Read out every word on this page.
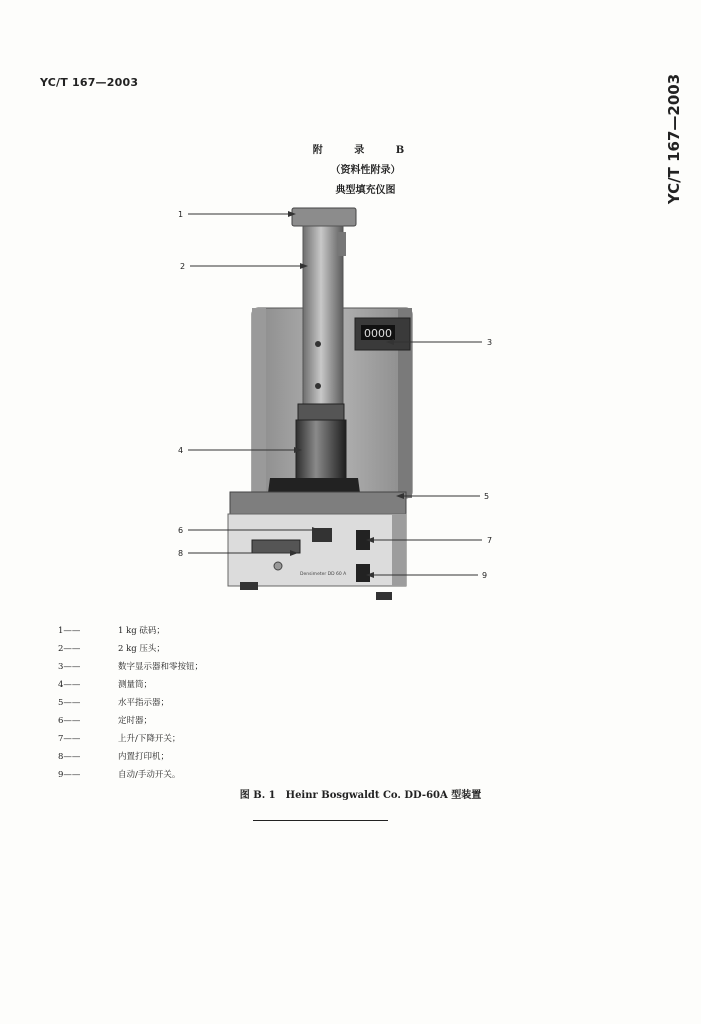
YC/T 167—2003	YC/T 167—2003
附 录 B
（资料性附录）
典型填充仪图
0000
Densimeter DD 60 A
1
2
3
4
5
6
7
8
9
1——	1 kg 砝码；
2——	2 kg 压头；
3——	数字显示器和零按钮；
4——	测量筒；
5——	水平指示器；
6——	定时器；
7——	上升/下降开关；
8——	内置打印机；
9——	自动/手动开关。
图 B. 1　Heinr Bosgwaldt Co. DD-60A 型装置
